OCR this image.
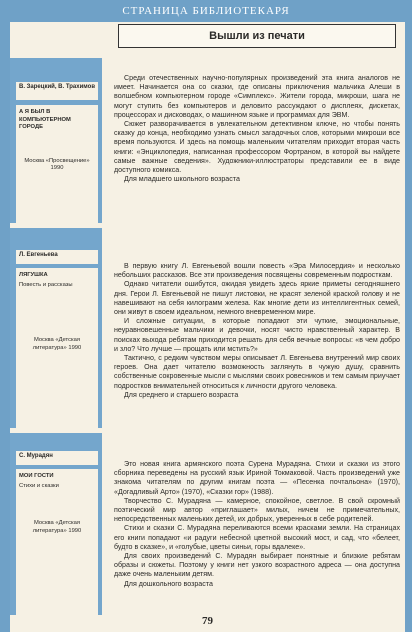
СТРАНИЦА БИБЛИОТЕКАРЯ
Вышли из печати
В. Зарецкий, В. Трахимов
А Я БЫЛ В КОМПЬЮТЕРНОМ ГОРОДЕ
Москва «Просвещение» 1990
Л. Евгеньева
ЛЯГУШКА
Повесть и рассказы
Москва «Детская литература» 1990
С. Мурадян
МОИ ГОСТИ
Стихи и сказки
Москва «Детская литература» 1990

Среди отечественных научно-популярных произведений эта книга аналогов не имеет. Начинается она со сказки, где описаны приключения мальчика Алеши в волшебном компьютерном городе «Симплекс». Жители города, микроши, шага не могут ступить без компьютеров и деловито рассуждают о дисплеях, дискетах, процессорах и дисководах, о машинном языке и программах для ЭВМ.

Сюжет разворачивается в увлекательном детективном ключе, но чтобы понять сказку до конца, необходимо узнать смысл загадочных слов, которыми микроши все время пользуются. И здесь на помощь маленьким читателям приходит вторая часть книги: «Энциклопедия, написанная профессором Фортраном, в которой вы найдете самые важные сведения». Художники-иллюстраторы представили ее в виде доступного комикса.

Для младшего школьного возраста

В первую книгу Л. Евгеньевой вошли повесть «Эра Милосердия» и несколько небольших рассказов. Все эти произведения посвящены современным подросткам.

Однако читатели ошибутся, ожидая увидеть здесь яркие приметы сегодняшнего дня. Герои Л. Евгеньевой не пишут листовки, не красят зеленой краской голову и не навешивают на себя килограмм железа. Как многие дети из интеллигентных семей, они живут в своем идеальном, немного вневременном мире.

И сложные ситуации, в которые попадают эти чуткие, эмоциональные, неуравновешенные мальчики и девочки, носят чисто нравственный характер. В поисках выхода ребятам приходится решать для себя вечные вопросы: «в чем добро и зло? Что лучше — прощать или мстить?»

Тактично, с редким чувством меры описывает Л. Евгеньева внутренний мир своих героев. Она дает читателю возможность заглянуть в чужую душу, сравнить собственные сокровенные мысли с мыслями своих ровесников и тем самым приучает подростков внимательней относиться к личности другого человека.

Для среднего и старшего возраста

Это новая книга армянского поэта Сурена Мурадяна. Стихи и сказки из этого сборника переведены на русский язык Ириной Токмаковой. Часть произведений уже знакома читателям по другим книгам поэта — «Песенка почтальона» (1970), «Догадливый Арто» (1970), «Сказки гор» (1988).

Творчество С. Мурадяна — камерное, спокойное, светлое. В свой скромный поэтический мир автор «приглашает» милых, ничем не примечательных, непосредственных маленьких детей, их добрых, уверенных в себе родителей.

Стихи и сказки С. Мурадяна переливаются всеми красками земли. На страницах его книги попадают «и радуги небесной цветной высокий мост, и сад, что «белеет, будто в сказке», и «голубые, цветы синьи, горы вдалеке».

Для своих произведений С. Мурадян выбирает понятные и близкие ребятам образы и сюжеты. Поэтому у книги нет узкого возрастного адреса — она доступна даже очень маленьким детям.

Для дошкольного возраста

79
